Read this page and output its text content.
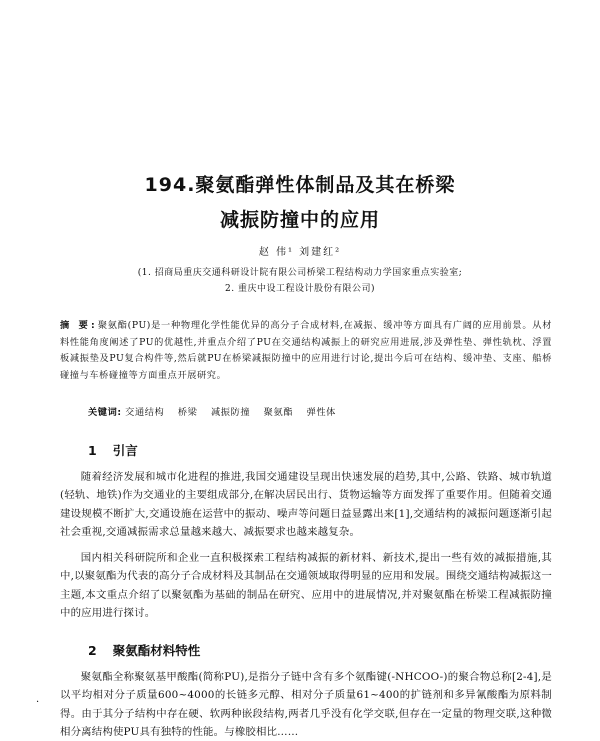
194.聚氨酯弹性体制品及其在桥梁
减振防撞中的应用
赵 伟¹ 刘建红²
(1. 招商局重庆交通科研设计院有限公司桥梁工程结构动力学国家重点实验室;
2. 重庆中设工程设计股份有限公司)
摘 要:聚氨酯(PU)是一种物理化学性能优异的高分子合成材料,在减振、缓冲等方面具有广阔的应用前景。从材料性能角度阐述了PU的优越性,并重点介绍了PU在交通结构减振上的研究应用进展,涉及弹性垫、弹性轨枕、浮置板减振垫及PU复合构件等,然后就PU在桥梁减振防撞中的应用进行讨论,提出今后可在结构、缓冲垫、支座、船桥碰撞与车桥碰撞等方面重点开展研究。
关键词: 交通结构 桥梁 减振防撞 聚氨酯 弹性体
1 引言

随着经济发展和城市化进程的推进,我国交通建设呈现出快速发展的趋势,其中,公路、铁路、城市轨道(轻轨、地铁)作为交通业的主要组成部分,在解决居民出行、货物运输等方面发挥了重要作用。但随着交通建设规模不断扩大,交通设施在运营中的振动、噪声等问题日益显露出来[1],交通结构的减振问题逐渐引起社会重视,交通减振需求总量越来越大、减振要求也越来越复杂。

国内相关科研院所和企业一直积极探索工程结构减振的新材料、新技术,提出一些有效的减振措施,其中,以聚氨酯为代表的高分子合成材料及其制品在交通领域取得明显的应用和发展。围绕交通结构减振这一主题,本文重点介绍了以聚氨酯为基础的制品在研究、应用中的进展情况,并对聚氨酯在桥梁工程减振防撞中的应用进行探讨。

2 聚氨酯材料特性

聚氨酯全称聚氨基甲酸酯(简称PU),是指分子链中含有多个氨酯键(-NHCOO-)的聚合物总称[2-4],是以平均相对分子质量600~4000的长链多元醇、相对分子质量61~400的扩链剂和多异氰酸酯为原料制得。由于其分子结构中存在硬、软两种嵌段结构,两者几乎没有化学交联,但存在一定量的物理交联,这种微相分离结构使PU具有独特的性能。与橡胶相比……

·
